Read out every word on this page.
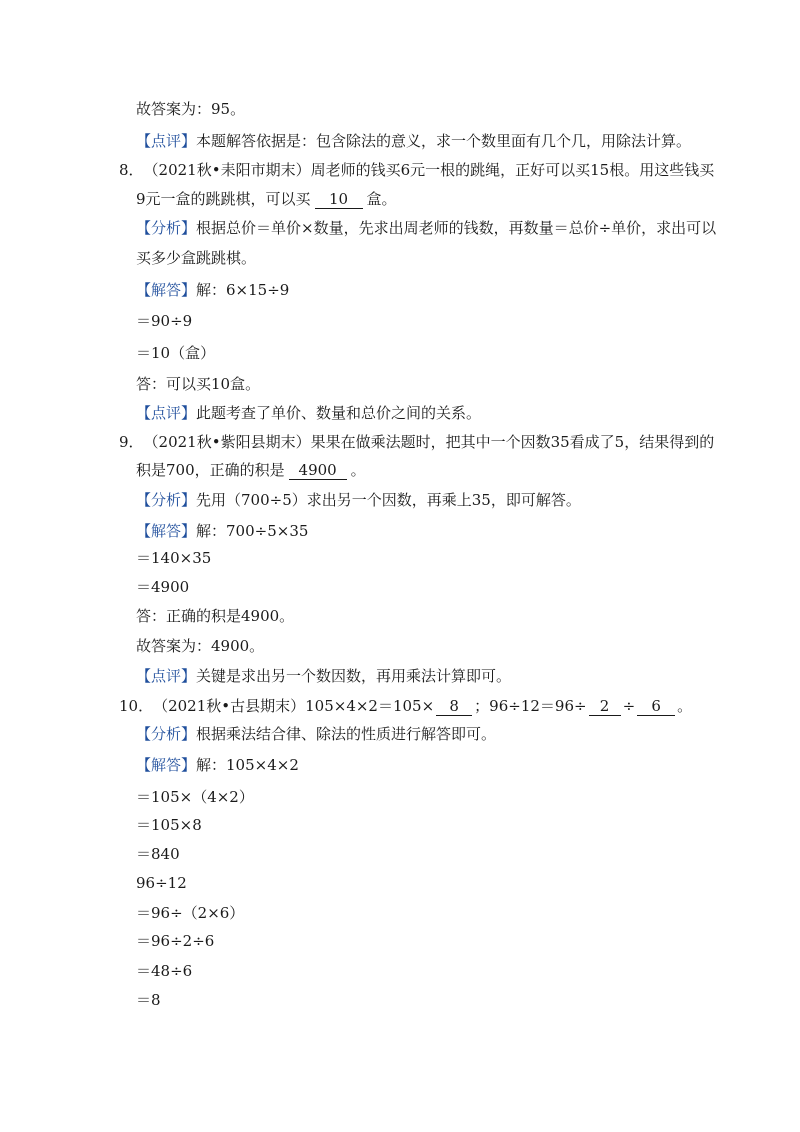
故答案为：95。
【点评】本题解答依据是：包含除法的意义，求一个数里面有几个几，用除法计算。
8．（2021秋•耒阳市期末）周老师的钱买6元一根的跳绳，正好可以买15根。用这些钱买
9元一盒的跳跳棋，可以买 10 盒。
【分析】根据总价＝单价×数量，先求出周老师的钱数，再数量＝总价÷单价，求出可以
买多少盒跳跳棋。
【解答】解：6×15÷9
＝90÷9
＝10（盒）
答：可以买10盒。
【点评】此题考查了单价、数量和总价之间的关系。
9．（2021秋•紫阳县期末）果果在做乘法题时，把其中一个因数35看成了5，结果得到的
积是700，正确的积是 4900 。
【分析】先用（700÷5）求出另一个因数，再乘上35，即可解答。
【解答】解：700÷5×35
＝140×35
＝4900
答：正确的积是4900。
故答案为：4900。
【点评】关键是求出另一个数因数，再用乘法计算即可。
10．（2021秋•古县期末）105×4×2＝105× 8 ；96÷12＝96÷ 2 ÷ 6 。
【分析】根据乘法结合律、除法的性质进行解答即可。
【解答】解：105×4×2
＝105×（4×2）
＝105×8
＝840
96÷12
＝96÷（2×6）
＝96÷2÷6
＝48÷6
＝8
